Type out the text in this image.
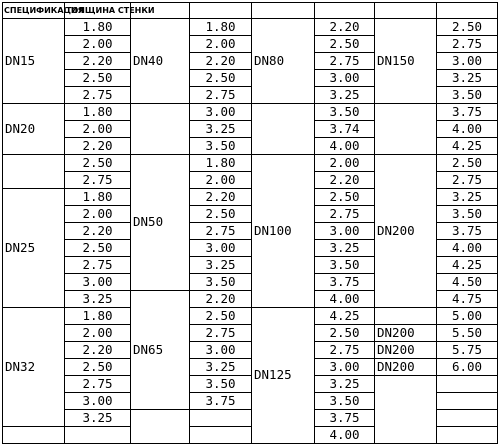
СПЕЦИФИКАЦИЯ	ТОЛЩИНА СТЕНКИ						
DN15	1.80	DN40	1.80	DN80	2.20	DN150	2.50
	2.00		2.00		2.50		2.75
	2.20		2.20		2.75		3.00
	2.50		2.50		3.00		3.25
	2.75		2.75		3.25		3.50
DN20	1.80		3.00		3.50		3.75
	2.00		3.25		3.74		4.00
	2.20		3.50		4.00		4.25
	2.50	DN50	1.80	DN100	2.00	DN200	2.50
	2.75		2.00		2.20		2.75
DN25	1.80		2.20		2.50		3.25
	2.00		2.50		2.75		3.50
	2.20		2.75		3.00		3.75
	2.50		3.00		3.25		4.00
	2.75		3.25		3.50		4.25
	3.00		3.50		3.75		4.50
	3.25	DN65	2.20		4.00		4.75
DN32	1.80		2.50	DN125	4.25		5.00
	2.00		2.75		2.50	DN200	5.50
	2.20		3.00		2.75	DN200	5.75
	2.50		3.25		3.00	DN200	6.00
	2.75		3.50		3.25		
	3.00		3.75		3.50		
	3.25				3.75		
					4.00		
